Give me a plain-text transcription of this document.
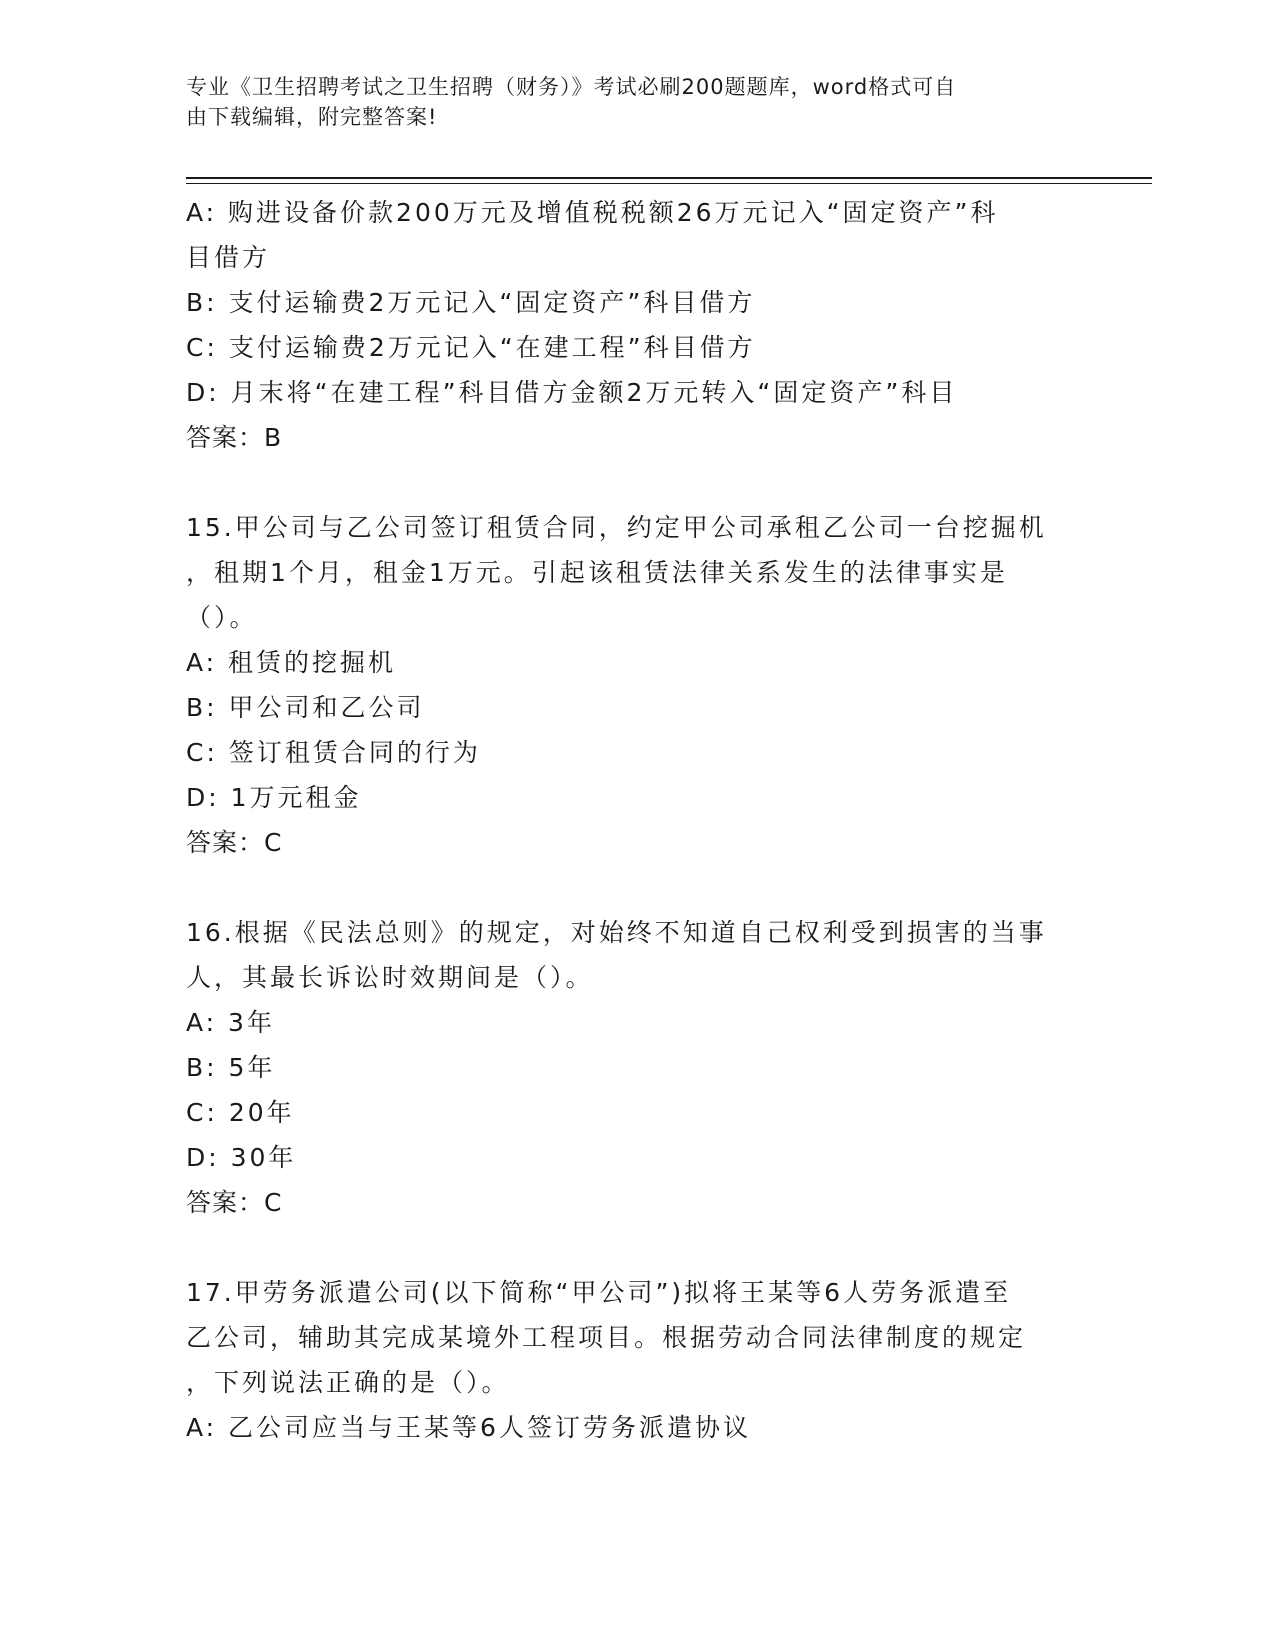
专业《卫生招聘考试之卫生招聘（财务）》考试必刷200题题库，word格式可自
由下载编辑，附完整答案!
A: 购进设备价款200万元及增值税税额26万元记入“固定资产”科
目借方
B: 支付运输费2万元记入“固定资产”科目借方
C: 支付运输费2万元记入“在建工程”科目借方
D: 月末将“在建工程”科目借方金额2万元转入“固定资产”科目
答案：B
15.甲公司与乙公司签订租赁合同，约定甲公司承租乙公司一台挖掘机
，租期1个月，租金1万元。引起该租赁法律关系发生的法律事实是
（）。
A: 租赁的挖掘机
B: 甲公司和乙公司
C: 签订租赁合同的行为
D: 1万元租金
答案：C
16.根据《民法总则》的规定，对始终不知道自己权利受到损害的当事
人，其最长诉讼时效期间是（）。
A: 3年
B: 5年
C: 20年
D: 30年
答案：C
17.甲劳务派遣公司(以下简称“甲公司”)拟将王某等6人劳务派遣至
乙公司，辅助其完成某境外工程项目。根据劳动合同法律制度的规定
，下列说法正确的是（）。
A: 乙公司应当与王某等6人签订劳务派遣协议
